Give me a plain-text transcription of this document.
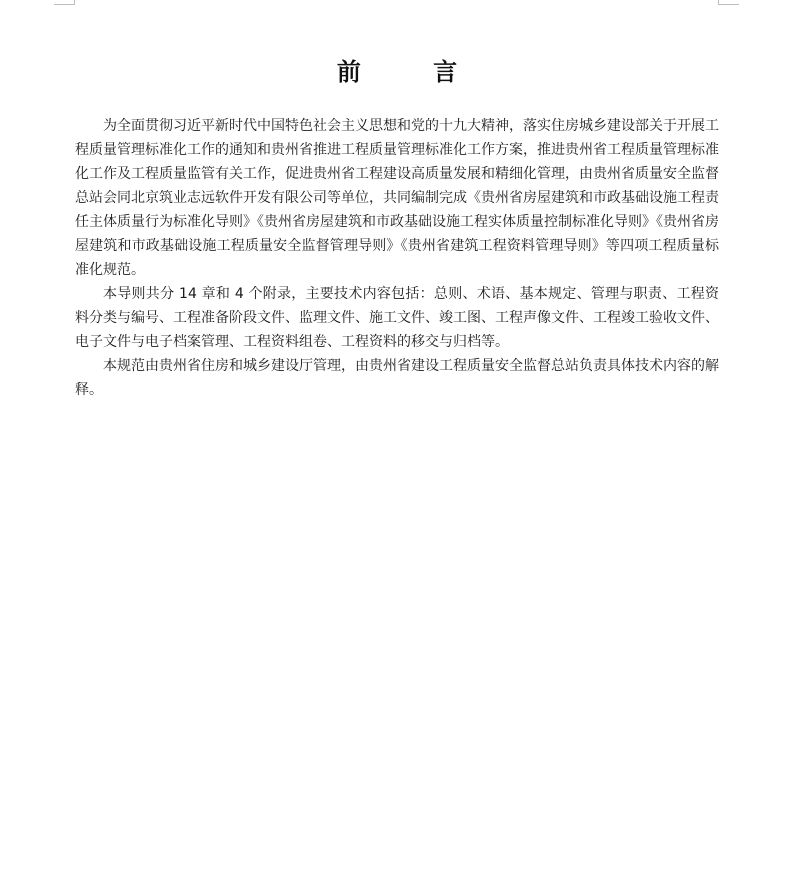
前 言

为全面贯彻习近平新时代中国特色社会主义思想和党的十九大精神，落实住房城乡建设部关于开展工程质量管理标准化工作的通知和贵州省推进工程质量管理标准化工作方案，推进贵州省工程质量管理标准化工作及工程质量监管有关工作，促进贵州省工程建设高质量发展和精细化管理，由贵州省质量安全监督总站会同北京筑业志远软件开发有限公司等单位，共同编制完成《贵州省房屋建筑和市政基础设施工程责任主体质量行为标准化导则》《贵州省房屋建筑和市政基础设施工程实体质量控制标准化导则》《贵州省房屋建筑和市政基础设施工程质量安全监督管理导则》《贵州省建筑工程资料管理导则》等四项工程质量标准化规范。

本导则共分 14 章和 4 个附录，主要技术内容包括：总则、术语、基本规定、管理与职责、工程资料分类与编号、工程准备阶段文件、监理文件、施工文件、竣工图、工程声像文件、工程竣工验收文件、电子文件与电子档案管理、工程资料组卷、工程资料的移交与归档等。

本规范由贵州省住房和城乡建设厅管理，由贵州省建设工程质量安全监督总站负责具体技术内容的解释。
